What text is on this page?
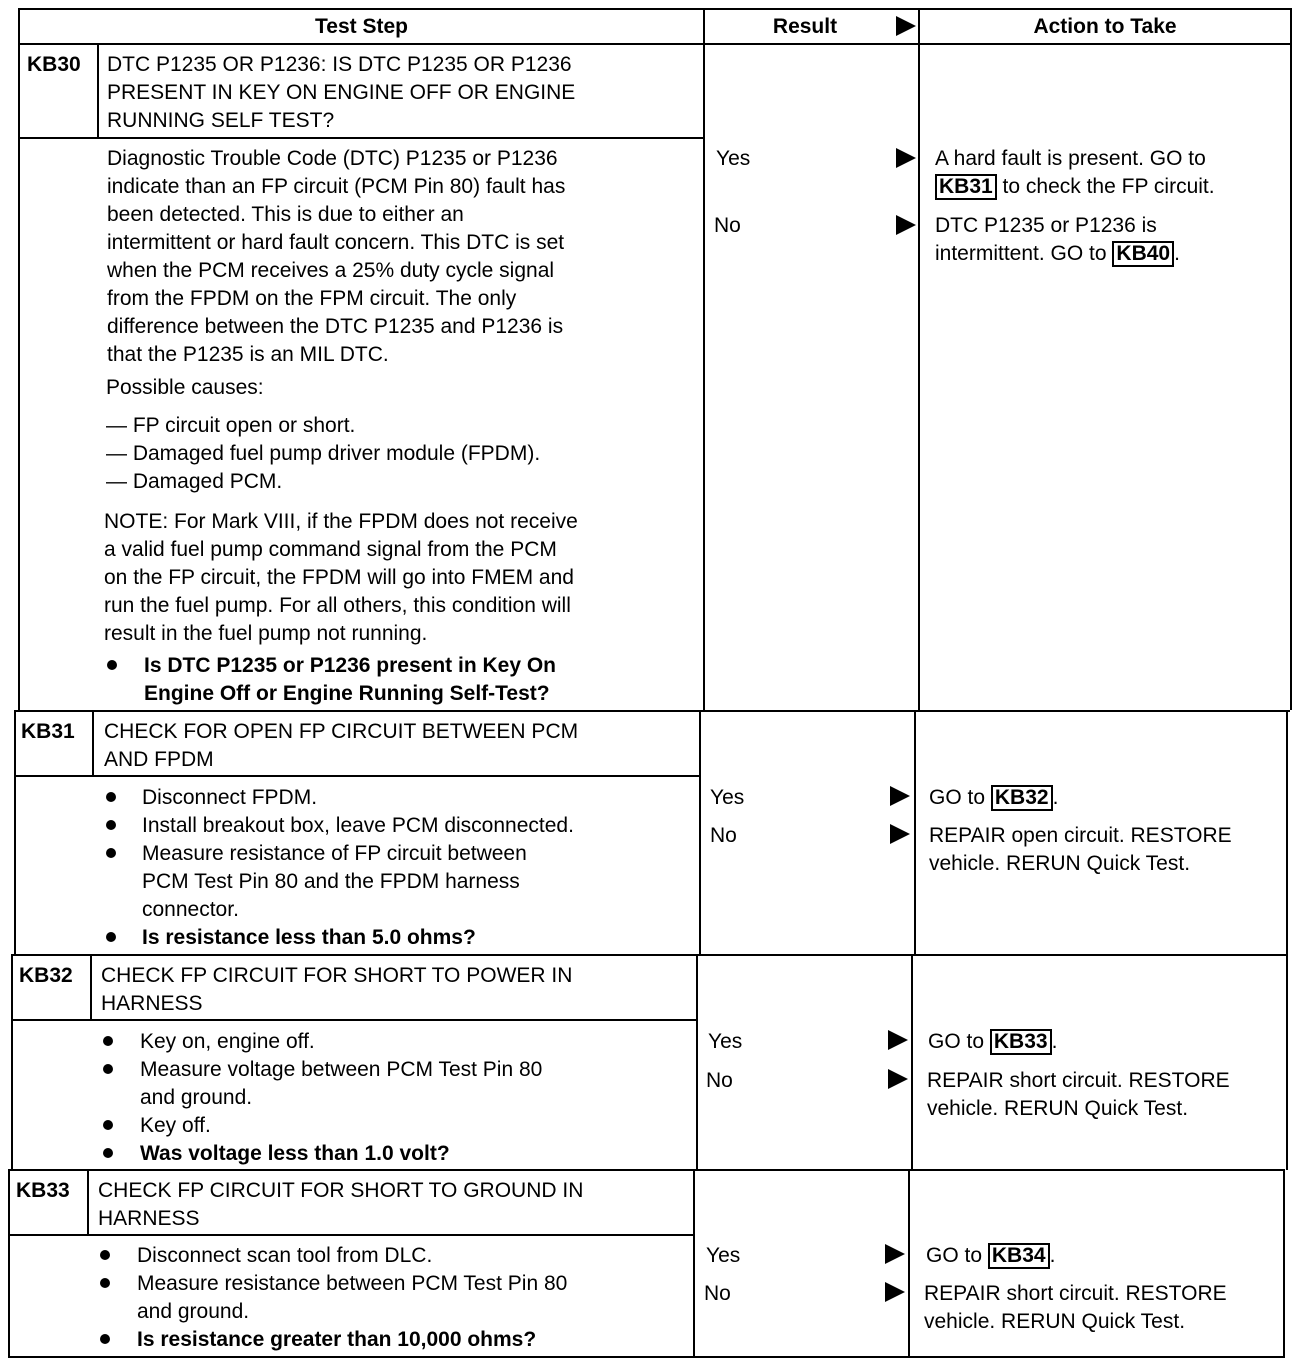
Test Step	Result	Action to Take
KB30 DTC P1235 OR P1236: IS DTC P1235 OR P1236
PRESENT IN KEY ON ENGINE OFF OR ENGINE
RUNNING SELF TEST?
Diagnostic Trouble Code (DTC) P1235 or P1236
indicate than an FP circuit (PCM Pin 80) fault has
been detected. This is due to either an
intermittent or hard fault concern. This DTC is set
when the PCM receives a 25% duty cycle signal
from the FPDM on the FPM circuit. The only
difference between the DTC P1235 and P1236 is
that the P1235 is an MIL DTC.
Possible causes:
— FP circuit open or short.
— Damaged fuel pump driver module (FPDM).
— Damaged PCM.
NOTE: For Mark VIII, if the FPDM does not receive
a valid fuel pump command signal from the PCM
on the FP circuit, the FPDM will go into FMEM and
run the fuel pump. For all others, this condition will
result in the fuel pump not running.
Is DTC P1235 or P1236 present in Key On
Engine Off or Engine Running Self-Test?
Yes
No
A hard fault is present. GO to
KB31 to check the FP circuit.
DTC P1235 or P1236 is
intermittent. GO to KB40 .
KB31 CHECK FOR OPEN FP CIRCUIT BETWEEN PCM
AND FPDM
Disconnect FPDM.
Install breakout box, leave PCM disconnected.
Measure resistance of FP circuit between
PCM Test Pin 80 and the FPDM harness
connector.
Is resistance less than 5.0 ohms?
Yes
No
GO to KB32 .
REPAIR open circuit. RESTORE
vehicle. RERUN Quick Test.
KB32 CHECK FP CIRCUIT FOR SHORT TO POWER IN
HARNESS
Key on, engine off.
Measure voltage between PCM Test Pin 80
and ground.
Key off.
Was voltage less than 1.0 volt?
Yes
No
GO to KB33 .
REPAIR short circuit. RESTORE
vehicle. RERUN Quick Test.
KB33 CHECK FP CIRCUIT FOR SHORT TO GROUND IN
HARNESS
Disconnect scan tool from DLC.
Measure resistance between PCM Test Pin 80
and ground.
Is resistance greater than 10,000 ohms?
Yes
No
GO to KB34 .
REPAIR short circuit. RESTORE
vehicle. RERUN Quick Test.
